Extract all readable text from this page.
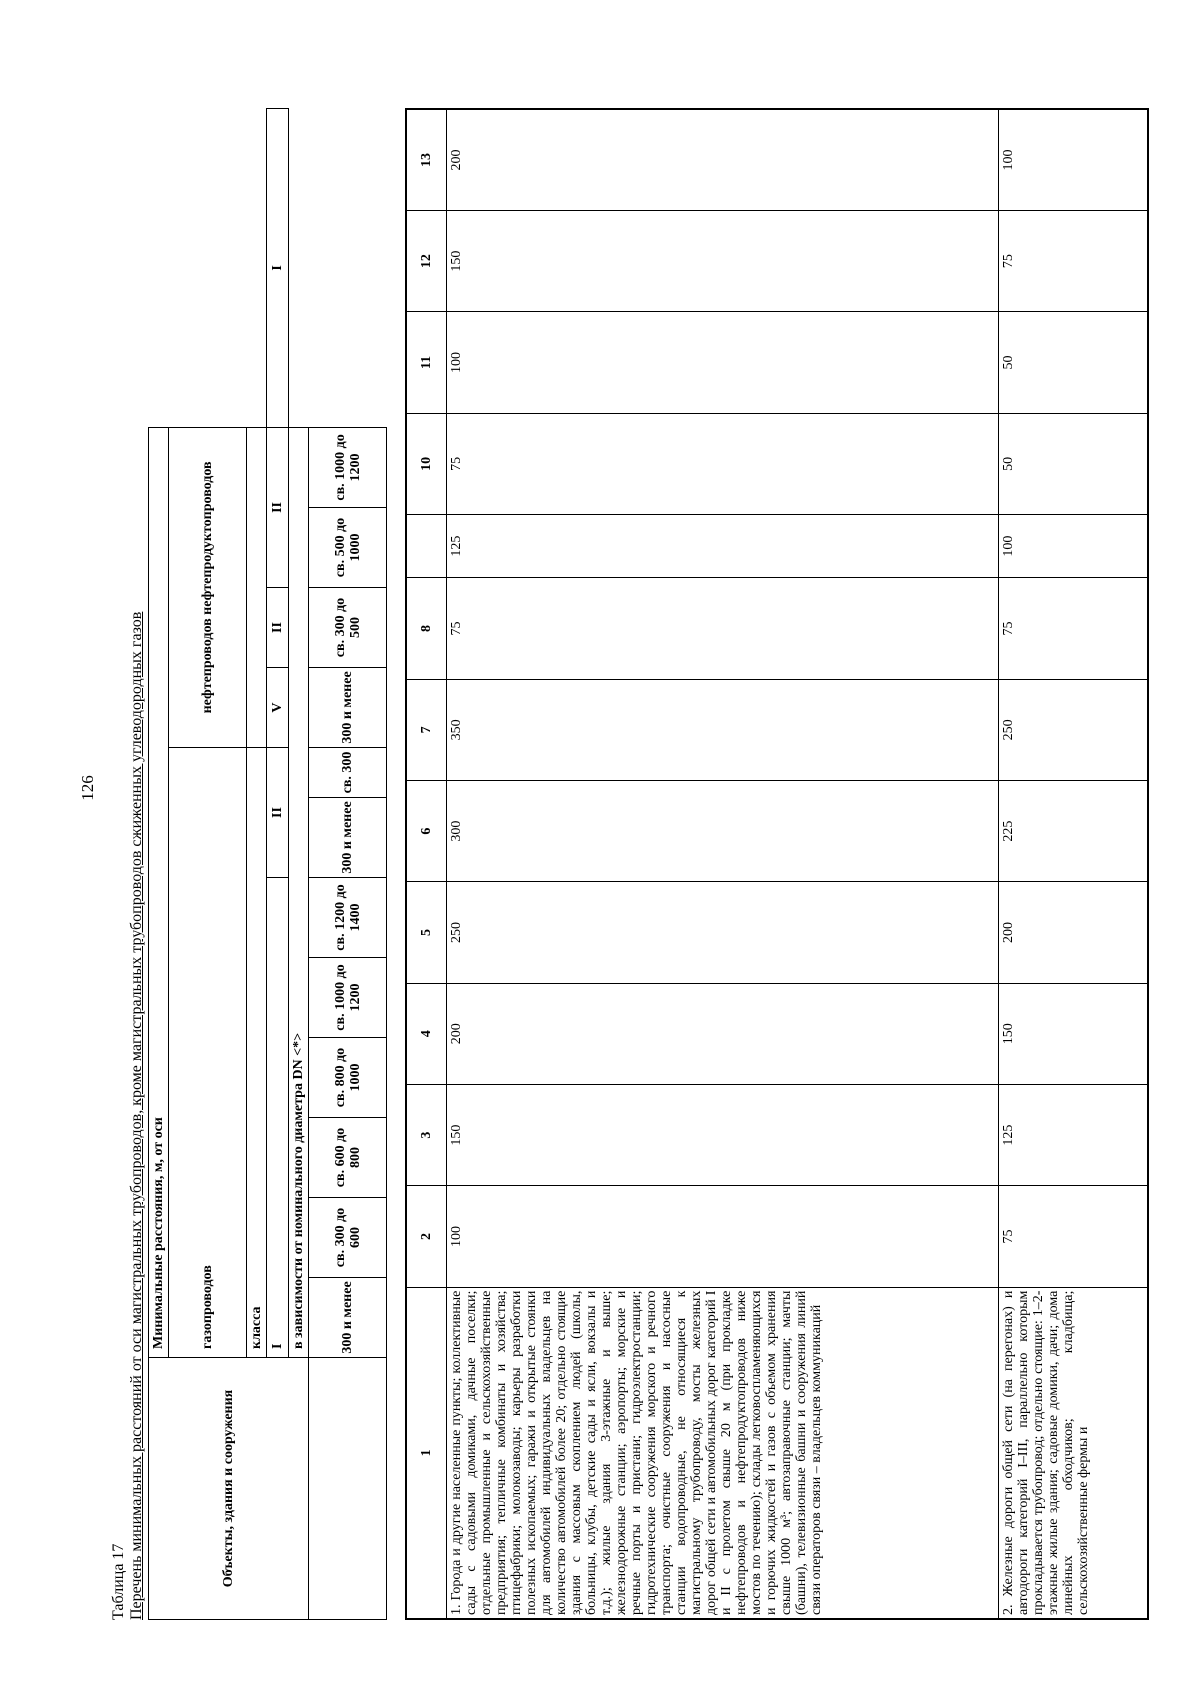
126
Таблица 17 Перечень минимальных расстояний от оси магистральных трубопроводов, кроме магистральных трубопроводов сжиженных углеводородных газов	Объекты, здания и сооружения	Минимальные расстояния, м, от оси												
	газопроводов								нефтепроводов нефтепродуктопроводов				
	класса												
	I						II		V	II	II		I
	в зависимости от номинального диаметра DN <*>												
	300 и менее	св. 300 до 600	св. 600 до 800	св. 800 до 1000	св. 1000 до 1200	св. 1200 до 1400	300 и менее	св. 300	300 и менее	св. 300 до 500	св. 500 до 1000	св. 1000 до 1200	
1	2	3	4	5	6	7	8		10	11	12	13
1. Города и другие населенные пункты; коллективные сады с садовыми домиками, дачные поселки; отдельные промышленные и сельскохозяйственные предприятия; тепличные комбинаты и хозяйства; птицефабрики; молокозаводы; карьеры разработки полезных ископаемых; гаражи и открытые стоянки для автомобилей индивидуальных владельцев на количество автомобилей более 20; отдельно стоящие здания с массовым скоплением людей (школы, больницы, клубы, детские сады и ясли, вокзалы и т.д.); жилые здания 3-этажные и выше; железнодорожные станции; аэропорты; морские и речные порты и пристани; гидроэлектростанции; гидротехнические сооружения морского и речного транспорта; очистные сооружения и насосные станции водопроводные, не относящиеся к магистральному трубопроводу, мосты железных дорог общей сети и автомобильных дорог категорий I и II с пролетом свыше 20 м (при прокладке нефтепроводов и нефтепродуктопроводов ниже мостов по течению); склады легковоспламеняющихся и горючих жидкостей и газов с объемом хранения свыше 1000 м³; автозаправочные станции; мачты (башни), телевизионные башни и сооружения линий связи операторов связи – владельцев коммуникаций	100	150	200	250	300	350	75	125	75	100	150	200
2. Железные дороги общей сети (на перегонах) и автодороги категорий I–III, параллельно которым прокладывается трубопровод; отдельно стоящие: 1–2-этажные жилые здания; садовые домики, дачи; дома линейных обходчиков; кладбища; сельскохозяйственные фермы и	75	125	150	200	225	250	75	100	50	50	75	100
